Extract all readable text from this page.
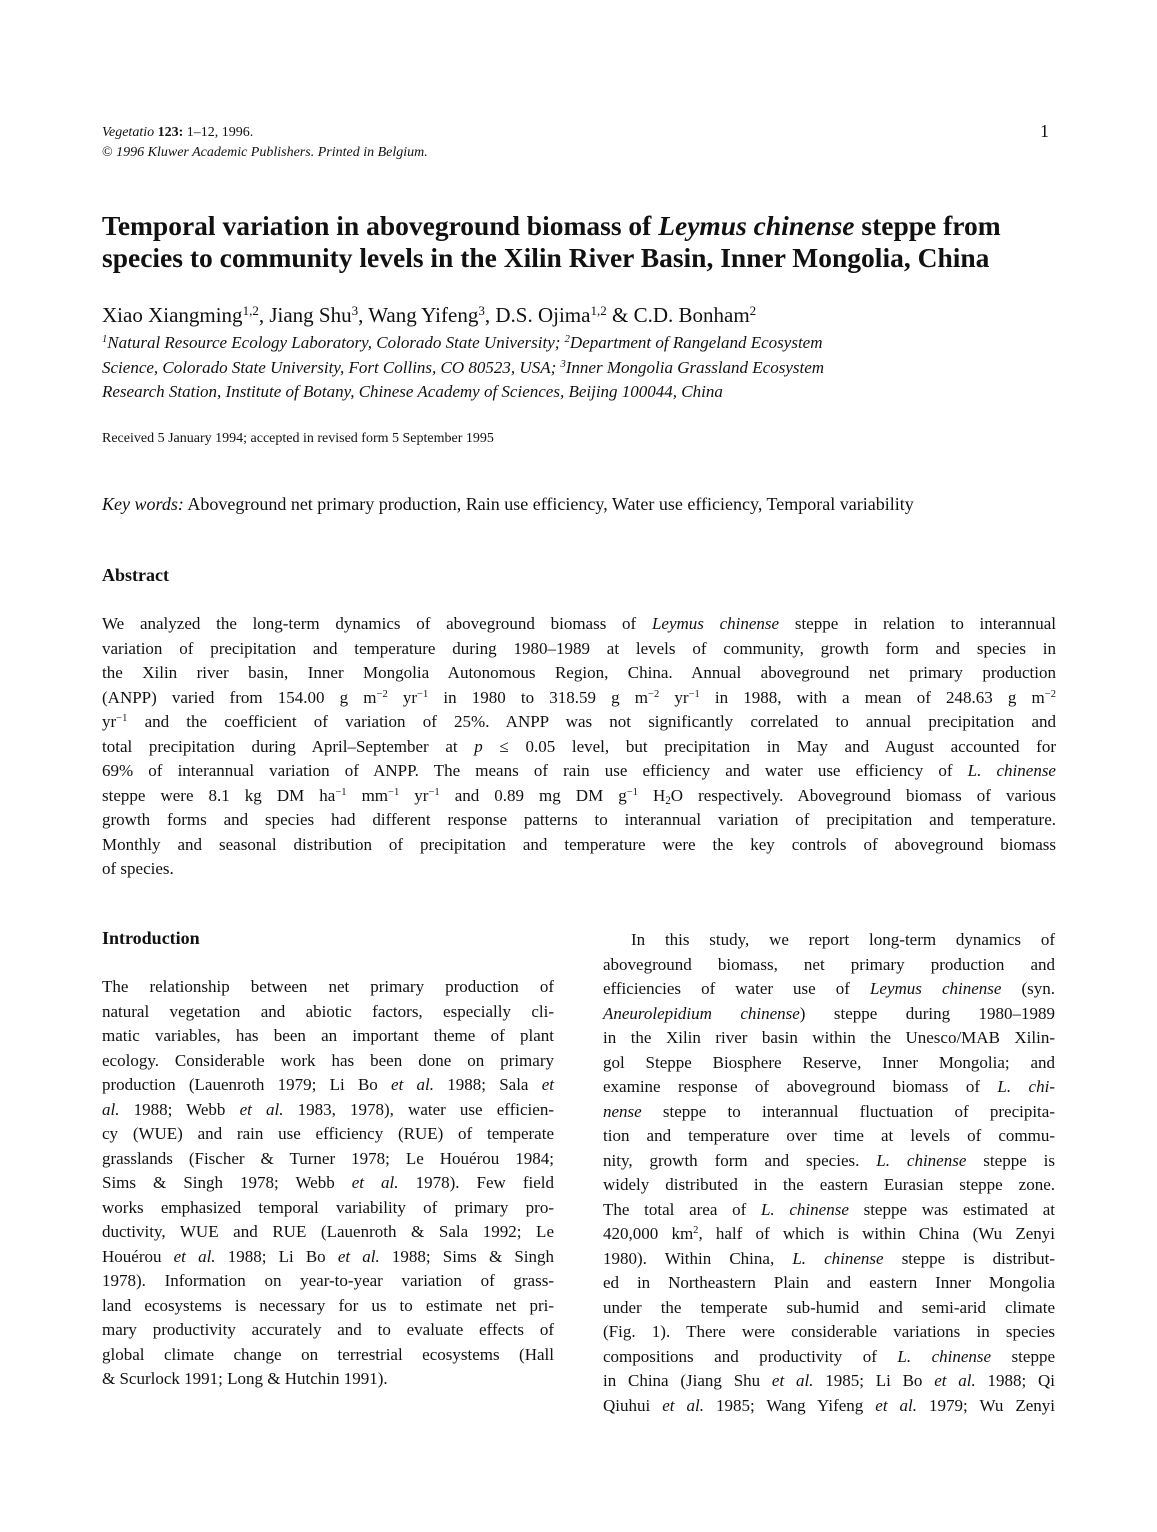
Vegetatio 123: 1–12, 1996.
© 1996 Kluwer Academic Publishers. Printed in Belgium.
1
Temporal variation in aboveground biomass of Leymus chinense steppe from
species to community levels in the Xilin River Basin, Inner Mongolia, China
Xiao Xiangming$^{1,2}$, Jiang Shu$^3$, Wang Yifeng$^3$, D.S. Ojima$^{1,2}$ & C.D. Bonham$^2$
$^1$Natural Resource Ecology Laboratory, Colorado State University; $^2$Department of Rangeland Ecosystem
Science, Colorado State University, Fort Collins, CO 80523, USA; $^3$Inner Mongolia Grassland Ecosystem
Research Station, Institute of Botany, Chinese Academy of Sciences, Beijing 100044, China
Received 5 January 1994; accepted in revised form 5 September 1995
Key words: Aboveground net primary production, Rain use efficiency, Water use efficiency, Temporal variability
Abstract
We analyzed the long-term dynamics of aboveground biomass of Leymus chinense steppe in relation to interannual
variation of precipitation and temperature during 1980–1989 at levels of community, growth form and species in
the Xilin river basin, Inner Mongolia Autonomous Region, China. Annual aboveground net primary production
(ANPP) varied from 154.00 g $m^{-2}$ $yr^{-1}$ in 1980 to 318.59 g $m^{-2}$ $yr^{-1}$ in 1988, with a mean of 248.63 g $m^{-2}$
$yr^{-1}$ and the coefficient of variation of 25%. ANPP was not significantly correlated to annual precipitation and
total precipitation during April–September at p ≤ 0.05 level, but precipitation in May and August accounted for
69% of interannual variation of ANPP. The means of rain use efficiency and water use efficiency of L. chinense
steppe were 8.1 kg DM $ha^{-1}$ $mm^{-1}$ $yr^{-1}$ and 0.89 mg DM $g^{-1}$ $H_2O$ respectively. Aboveground biomass of various
growth forms and species had different response patterns to interannual variation of precipitation and temperature.
Monthly and seasonal distribution of precipitation and temperature were the key controls of aboveground biomass
of species.
Introduction
The relationship between net primary production of
natural vegetation and abiotic factors, especially cli-
matic variables, has been an important theme of plant
ecology. Considerable work has been done on primary
production (Lauenroth 1979; Li Bo et al. 1988; Sala et
al. 1988; Webb et al. 1983, 1978), water use efficien-
cy (WUE) and rain use efficiency (RUE) of temperate
grasslands (Fischer & Turner 1978; Le Houérou 1984;
Sims & Singh 1978; Webb et al. 1978). Few field
works emphasized temporal variability of primary pro-
ductivity, WUE and RUE (Lauenroth & Sala 1992; Le
Houérou et al. 1988; Li Bo et al. 1988; Sims & Singh
1978). Information on year-to-year variation of grass-
land ecosystems is necessary for us to estimate net pri-
mary productivity accurately and to evaluate effects of
global climate change on terrestrial ecosystems (Hall
& Scurlock 1991; Long & Hutchin 1991).
In this study, we report long-term dynamics of
aboveground biomass, net primary production and
efficiencies of water use of Leymus chinense (syn.
Aneurolepidium chinense) steppe during 1980–1989
in the Xilin river basin within the Unesco/MAB Xilin-
gol Steppe Biosphere Reserve, Inner Mongolia; and
examine response of aboveground biomass of L. chi-
nense steppe to interannual fluctuation of precipita-
tion and temperature over time at levels of commu-
nity, growth form and species. L. chinense steppe is
widely distributed in the eastern Eurasian steppe zone.
The total area of L. chinense steppe was estimated at
420,000 $km^2$, half of which is within China (Wu Zenyi
1980). Within China, L. chinense steppe is distribut-
ed in Northeastern Plain and eastern Inner Mongolia
under the temperate sub-humid and semi-arid climate
(Fig. 1). There were considerable variations in species
compositions and productivity of L. chinense steppe
in China (Jiang Shu et al. 1985; Li Bo et al. 1988; Qi
Qiuhui et al. 1985; Wang Yifeng et al. 1979; Wu Zenyi
